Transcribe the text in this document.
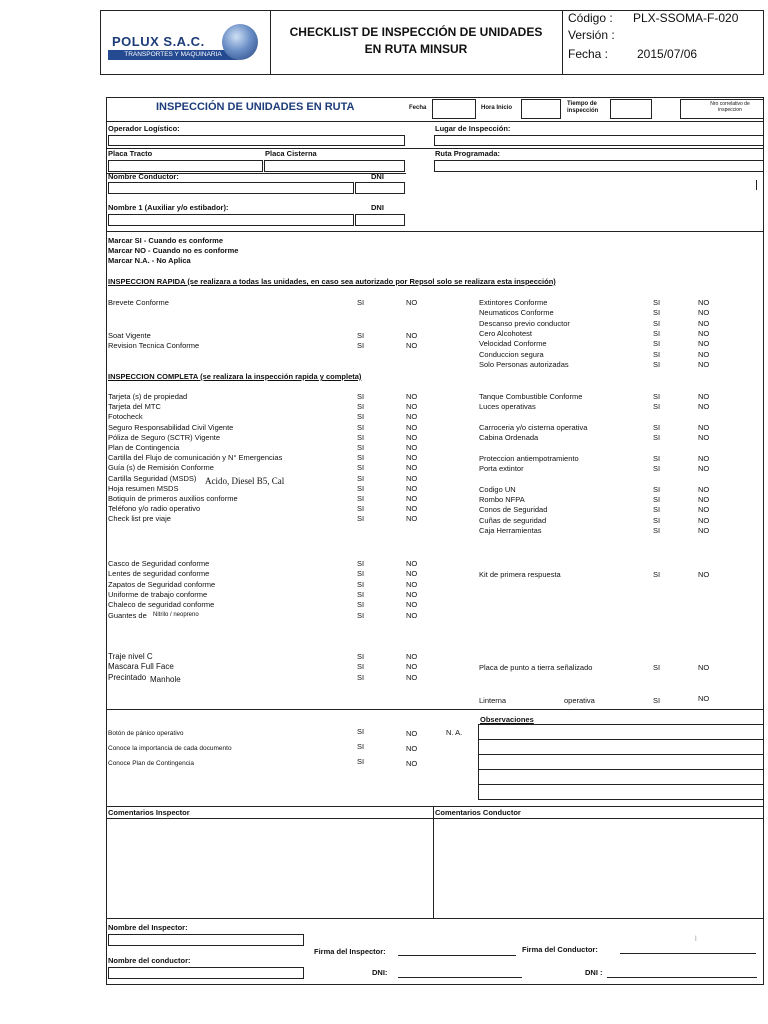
POLUX S.A.C.
TRANSPORTES Y MAQUINARIA
CHECKLIST DE INSPECCIÓN DE UNIDADES EN RUTA MINSUR
Código : PLX-SSOMA-F-020
Versión :
Fecha : 2015/07/06
INSPECCIÓN DE UNIDADES EN RUTA	Fecha	Hora Inicio
Tiempo de inspección
Nro correlativo de inspeccion
Operador Logístico:	Lugar de Inspección:
Placa Tracto	Placa Cisterna	Ruta Programada:
Nombre Conductor:	DNI
Nombre 1 (Auxiliar y/o estibador):	DNI
Marcar SI - Cuando es conforme
Marcar NO - Cuando no es conforme
Marcar N.A. - No Aplica
INSPECCION RAPIDA (se realizara a todas las unidades, en caso sea autorizado por Repsol solo se realizara esta inspección)
Brevete Conforme	SI	NO
Soat Vigente	SI	NO
Revision Tecnica Conforme	SI	NO
Extintores Conforme	SI	NO
Neumaticos Conforme	SI	NO
Descanso previo conductor	SI	NO
Cero Alcohotest	SI	NO
Velocidad Conforme	SI	NO
Conduccion segura	SI	NO
Solo Personas autorizadas	SI	NO
INSPECCION COMPLETA (se realizara la inspección rapida y completa)
Tarjeta (s) de propiedad	SI	NO
Tarjeta del MTC	SI	NO
Fotocheck	SI	NO
Seguro Responsabilidad Civil Vigente	SI	NO
Póliza de Seguro (SCTR) Vigente	SI	NO
Plan de Contingencia	SI	NO
Cartilla del Flujo de comunicación y N° Emergencias	SI	NO
Guía (s) de Remisión Conforme	SI	NO
Cartilla Seguridad (MSDS)	SI	NO
Hoja resumen MSDS	SI	NO
Botiquín de primeros auxilios conforme	SI	NO
Teléfono y/o radio operativo	SI	NO
Check list pre viaje	SI	NO
Tanque Combustible Conforme	SI	NO
Luces operativas	SI	NO
Carroceria y/o cisterna operativa	SI	NO
Cabina Ordenada	SI	NO
Proteccion antiempotramiento	SI	NO
Porta extintor	SI	NO
Codigo UN	SI	NO
Rombo NFPA	SI	NO
Conos de Seguridad	SI	NO
Cuñas de seguridad	SI	NO
Caja Herramientas	SI	NO
Acido, Diesel B5, Cal
Casco de Seguridad conforme	SI	NO
Lentes de seguridad conforme	SI	NO
Zapatos de Seguridad conforme	SI	NO
Uniforme de trabajo conforme	SI	NO
Chaleco de seguridad conforme	SI	NO
Guantes de	SI	NO
Nitrilo / neopreno
Kit de primera respuesta	SI	NO
Traje nivel C	SI	NO
Mascara Full Face	SI	NO
Precintado	SI	NO
Manhole
Placa de punto a tierra señalizado	SI	NO
Linterna	operativa	SI	NO
Observaciones
N. A.
Botón de pánico operativo	SI	NO
Conoce la importancia de cada documento	SI	NO
Conoce Plan de Contingencia	SI	NO
Comentarios Inspector	Comentarios Conductor
Nombre del Inspector:
Nombre del conductor:
Firma del Inspector:	Firma del Conductor:
l
DNI:	DNI :
